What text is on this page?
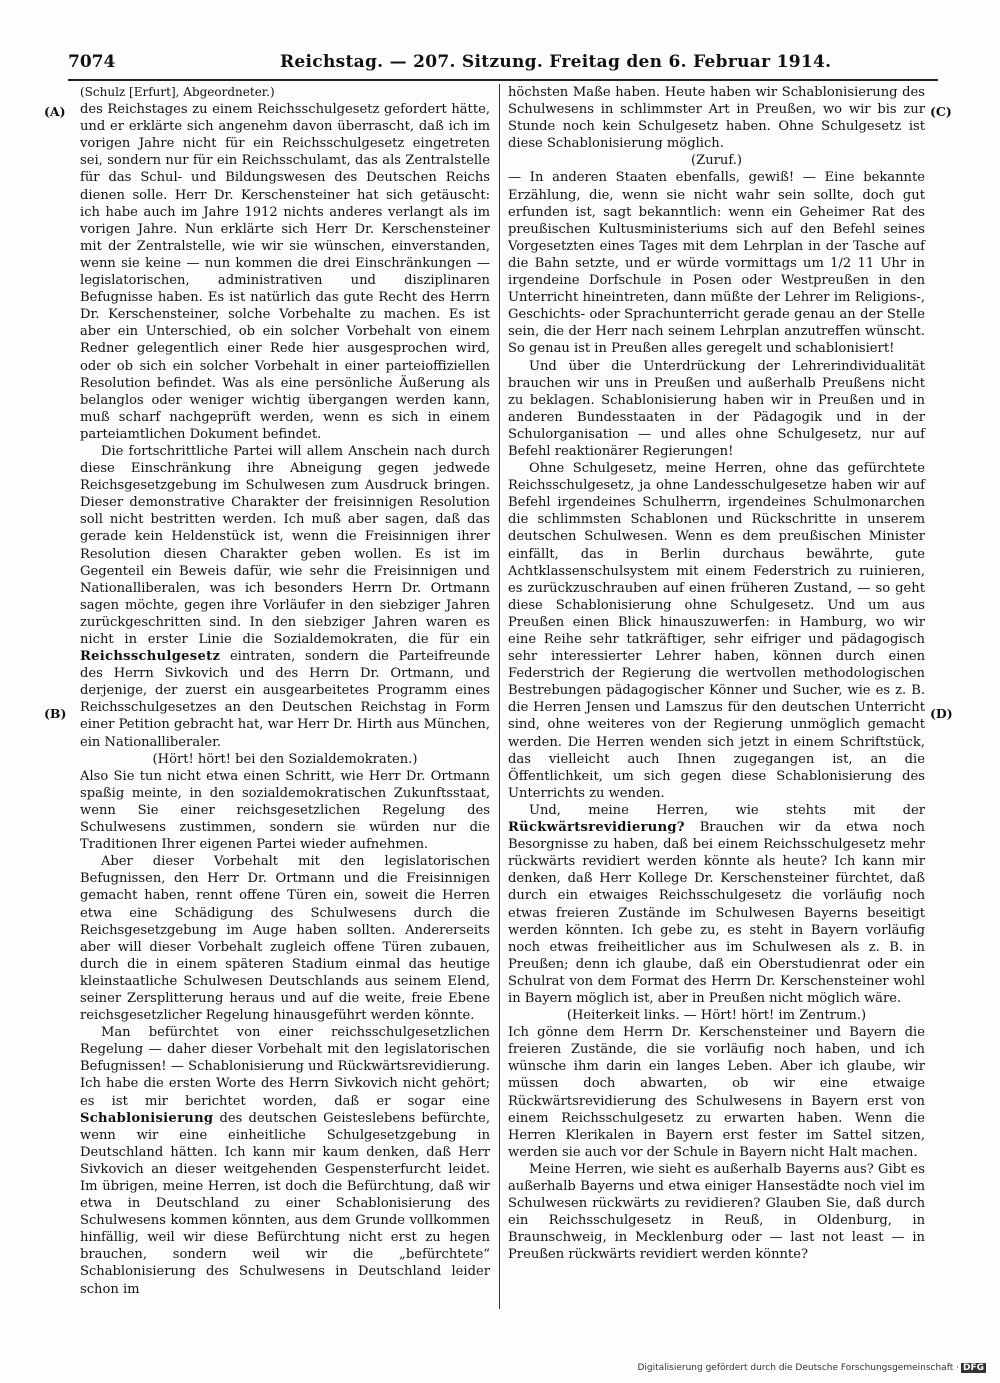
7074	Reichstag. — 207. Sitzung. Freitag den 6. Februar 1914.
(A)
(B)
(C)
(D)

(Schulz [Erfurt], Abgeordneter.)

des Reichstages zu einem Reichsschulgesetz gefordert hätte, und er erklärte sich angenehm davon überrascht, daß ich im vorigen Jahre nicht für ein Reichsschulgesetz eingetreten sei, sondern nur für ein Reichsschulamt, das als Zentralstelle für das Schul- und Bildungswesen des Deutschen Reichs dienen solle. Herr Dr. Kerschensteiner hat sich getäuscht: ich habe auch im Jahre 1912 nichts anderes verlangt als im vorigen Jahre. Nun erklärte sich Herr Dr. Kerschensteiner mit der Zentralstelle, wie wir sie wünschen, einverstanden, wenn sie keine — nun kommen die drei Einschränkungen — legislatorischen, administrativen und disziplinaren Befugnisse haben. Es ist natürlich das gute Recht des Herrn Dr. Kerschensteiner, solche Vorbehalte zu machen. Es ist aber ein Unterschied, ob ein solcher Vorbehalt von einem Redner gelegentlich einer Rede hier ausgesprochen wird, oder ob sich ein solcher Vorbehalt in einer parteioffiziellen Resolution befindet. Was als eine persönliche Äußerung als belanglos oder weniger wichtig übergangen werden kann, muß scharf nachgeprüft werden, wenn es sich in einem parteiamtlichen Dokument befindet.

Die fortschrittliche Partei will allem Anschein nach durch diese Einschränkung ihre Abneigung gegen jedwede Reichsgesetzgebung im Schulwesen zum Ausdruck bringen. Dieser demonstrative Charakter der freisinnigen Resolution soll nicht bestritten werden. Ich muß aber sagen, daß das gerade kein Heldenstück ist, wenn die Freisinnigen ihrer Resolution diesen Charakter geben wollen. Es ist im Gegenteil ein Beweis dafür, wie sehr die Freisinnigen und Nationalliberalen, was ich besonders Herrn Dr. Ortmann sagen möchte, gegen ihre Vorläufer in den siebziger Jahren zurückgeschritten sind. In den siebziger Jahren waren es nicht in erster Linie die Sozialdemokraten, die für ein Reichsschulgesetz eintraten, sondern die Parteifreunde des Herrn Sivkovich und des Herrn Dr. Ortmann, und derjenige, der zuerst ein ausgearbeitetes Programm eines Reichsschulgesetzes an den Deutschen Reichstag in Form einer Petition gebracht hat, war Herr Dr. Hirth aus München, ein Nationalliberaler.

(Hört! hört! bei den Sozialdemokraten.)

Also Sie tun nicht etwa einen Schritt, wie Herr Dr. Ortmann spaßig meinte, in den sozialdemokratischen Zukunftsstaat, wenn Sie einer reichsgesetzlichen Regelung des Schulwesens zustimmen, sondern sie würden nur die Traditionen Ihrer eigenen Partei wieder aufnehmen.

Aber dieser Vorbehalt mit den legislatorischen Befugnissen, den Herr Dr. Ortmann und die Freisinnigen gemacht haben, rennt offene Türen ein, soweit die Herren etwa eine Schädigung des Schulwesens durch die Reichsgesetzgebung im Auge haben sollten. Andererseits aber will dieser Vorbehalt zugleich offene Türen zubauen, durch die in einem späteren Stadium einmal das heutige kleinstaatliche Schulwesen Deutschlands aus seinem Elend, seiner Zersplitterung heraus und auf die weite, freie Ebene reichsgesetzlicher Regelung hinausgeführt werden könnte.

Man befürchtet von einer reichsschulgesetzlichen Regelung — daher dieser Vorbehalt mit den legislatorischen Befugnissen! — Schablonisierung und Rückwärtsrevidierung. Ich habe die ersten Worte des Herrn Sivkovich nicht gehört; es ist mir berichtet worden, daß er sogar eine Schablonisierung des deutschen Geisteslebens befürchte, wenn wir eine einheitliche Schulgesetzgebung in Deutschland hätten. Ich kann mir kaum denken, daß Herr Sivkovich an dieser weitgehenden Gespensterfurcht leidet. Im übrigen, meine Herren, ist doch die Befürchtung, daß wir etwa in Deutschland zu einer Schablonisierung des Schulwesens kommen könnten, aus dem Grunde vollkommen hinfällig, weil wir diese Befürchtung nicht erst zu hegen brauchen, sondern weil wir die „befürchtete“ Schablonisierung des Schulwesens in Deutschland leider schon im

höchsten Maße haben. Heute haben wir Schablonisierung des Schulwesens in schlimmster Art in Preußen, wo wir bis zur Stunde noch kein Schulgesetz haben. Ohne Schulgesetz ist diese Schablonisierung möglich.

(Zuruf.)

— In anderen Staaten ebenfalls, gewiß! — Eine bekannte Erzählung, die, wenn sie nicht wahr sein sollte, doch gut erfunden ist, sagt bekanntlich: wenn ein Geheimer Rat des preußischen Kultusministeriums sich auf den Befehl seines Vorgesetzten eines Tages mit dem Lehrplan in der Tasche auf die Bahn setzte, und er würde vormittags um 1/2 11 Uhr in irgendeine Dorfschule in Posen oder Westpreußen in den Unterricht hineintreten, dann müßte der Lehrer im Religions-, Geschichts- oder Sprachunterricht gerade genau an der Stelle sein, die der Herr nach seinem Lehrplan anzutreffen wünscht. So genau ist in Preußen alles geregelt und schablonisiert!

Und über die Unterdrückung der Lehrerindividualität brauchen wir uns in Preußen und außerhalb Preußens nicht zu beklagen. Schablonisierung haben wir in Preußen und in anderen Bundesstaaten in der Pädagogik und in der Schulorganisation — und alles ohne Schulgesetz, nur auf Befehl reaktionärer Regierungen!

Ohne Schulgesetz, meine Herren, ohne das gefürchtete Reichsschulgesetz, ja ohne Landesschulgesetze haben wir auf Befehl irgendeines Schulherrn, irgendeines Schulmonarchen die schlimmsten Schablonen und Rückschritte in unserem deutschen Schulwesen. Wenn es dem preußischen Minister einfällt, das in Berlin durchaus bewährte, gute Achtklassenschulsystem mit einem Federstrich zu ruinieren, es zurückzuschrauben auf einen früheren Zustand, — so geht diese Schablonisierung ohne Schulgesetz. Und um aus Preußen einen Blick hinauszuwerfen: in Hamburg, wo wir eine Reihe sehr tatkräftiger, sehr eifriger und pädagogisch sehr interessierter Lehrer haben, können durch einen Federstrich der Regierung die wertvollen methodologischen Bestrebungen pädagogischer Könner und Sucher, wie es z. B. die Herren Jensen und Lamszus für den deutschen Unterricht sind, ohne weiteres von der Regierung unmöglich gemacht werden. Die Herren wenden sich jetzt in einem Schriftstück, das vielleicht auch Ihnen zugegangen ist, an die Öffentlichkeit, um sich gegen diese Schablonisierung des Unterrichts zu wenden.

Und, meine Herren, wie stehts mit der Rückwärtsrevidierung? Brauchen wir da etwa noch Besorgnisse zu haben, daß bei einem Reichsschulgesetz mehr rückwärts revidiert werden könnte als heute? Ich kann mir denken, daß Herr Kollege Dr. Kerschensteiner fürchtet, daß durch ein etwaiges Reichsschulgesetz die vorläufig noch etwas freieren Zustände im Schulwesen Bayerns beseitigt werden könnten. Ich gebe zu, es steht in Bayern vorläufig noch etwas freiheitlicher aus im Schulwesen als z. B. in Preußen; denn ich glaube, daß ein Oberstudienrat oder ein Schulrat von dem Format des Herrn Dr. Kerschensteiner wohl in Bayern möglich ist, aber in Preußen nicht möglich wäre.

(Heiterkeit links. — Hört! hört! im Zentrum.)

Ich gönne dem Herrn Dr. Kerschensteiner und Bayern die freieren Zustände, die sie vorläufig noch haben, und ich wünsche ihm darin ein langes Leben. Aber ich glaube, wir müssen doch abwarten, ob wir eine etwaige Rückwärtsrevidierung des Schulwesens in Bayern erst von einem Reichsschulgesetz zu erwarten haben. Wenn die Herren Klerikalen in Bayern erst fester im Sattel sitzen, werden sie auch vor der Schule in Bayern nicht Halt machen.

Meine Herren, wie sieht es außerhalb Bayerns aus? Gibt es außerhalb Bayerns und etwa einiger Hansestädte noch viel im Schulwesen rückwärts zu revidieren? Glauben Sie, daß durch ein Reichsschulgesetz in Reuß, in Oldenburg, in Braunschweig, in Mecklenburg oder — last not least — in Preußen rückwärts revidiert werden könnte?

Digitalisierung gefördert durch die Deutsche Forschungsgemeinschaft · DFG
